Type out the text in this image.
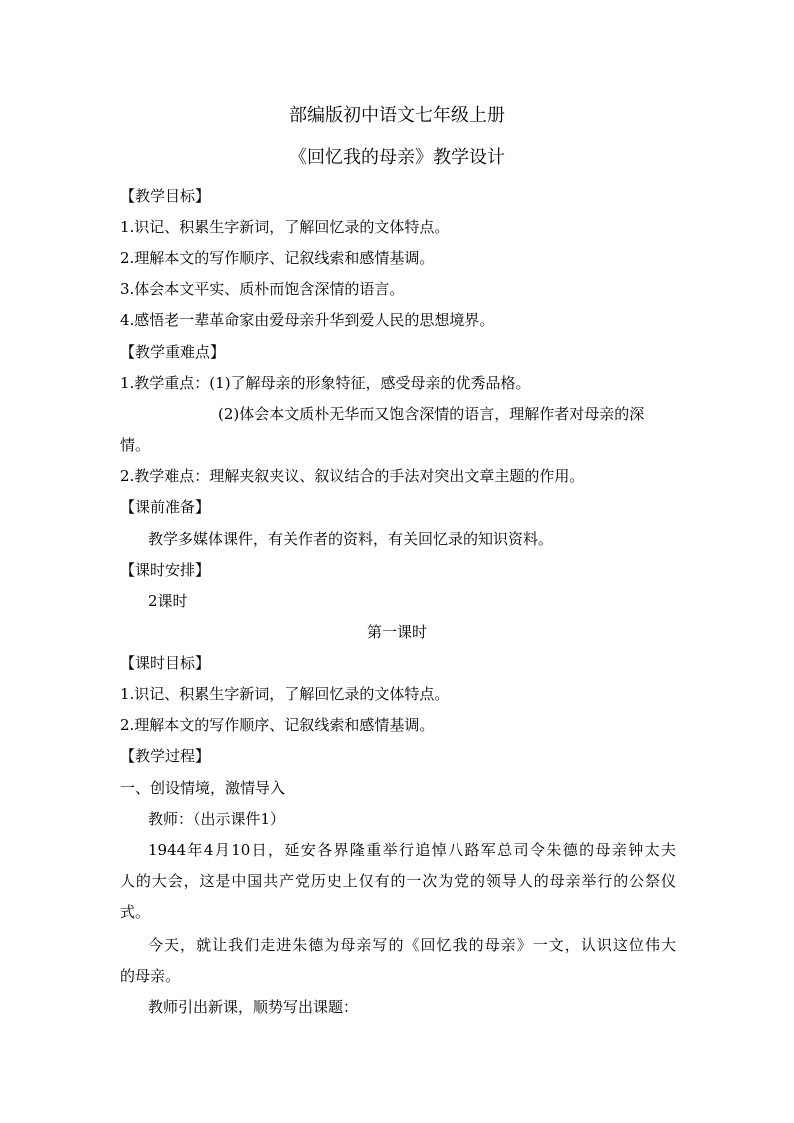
部编版初中语文七年级上册
《回忆我的母亲》教学设计
【教学目标】
1.识记、积累生字新词，了解回忆录的文体特点。
2.理解本文的写作顺序、记叙线索和感情基调。
3.体会本文平实、质朴而饱含深情的语言。
4.感悟老一辈革命家由爱母亲升华到爱人民的思想境界。
【教学重难点】
1.教学重点：(1)了解母亲的形象特征，感受母亲的优秀品格。
(2)体会本文质朴无华而又饱含深情的语言，理解作者对母亲的深
情。
2.教学难点：理解夹叙夹议、叙议结合的手法对突出文章主题的作用。
【课前准备】
教学多媒体课件，有关作者的资料，有关回忆录的知识资料。
【课时安排】
2课时
第一课时
【课时目标】
1.识记、积累生字新词，了解回忆录的文体特点。
2.理解本文的写作顺序、记叙线索和感情基调。
【教学过程】
一、创设情境，激情导入
教师：（出示课件1）
1944年4月10日，延安各界隆重举行追悼八路军总司令朱德的母亲钟太夫
人的大会，这是中国共产党历史上仅有的一次为党的领导人的母亲举行的公祭仪
式。
今天，就让我们走进朱德为母亲写的《回忆我的母亲》一文，认识这位伟大
的母亲。
教师引出新课，顺势写出课题：
